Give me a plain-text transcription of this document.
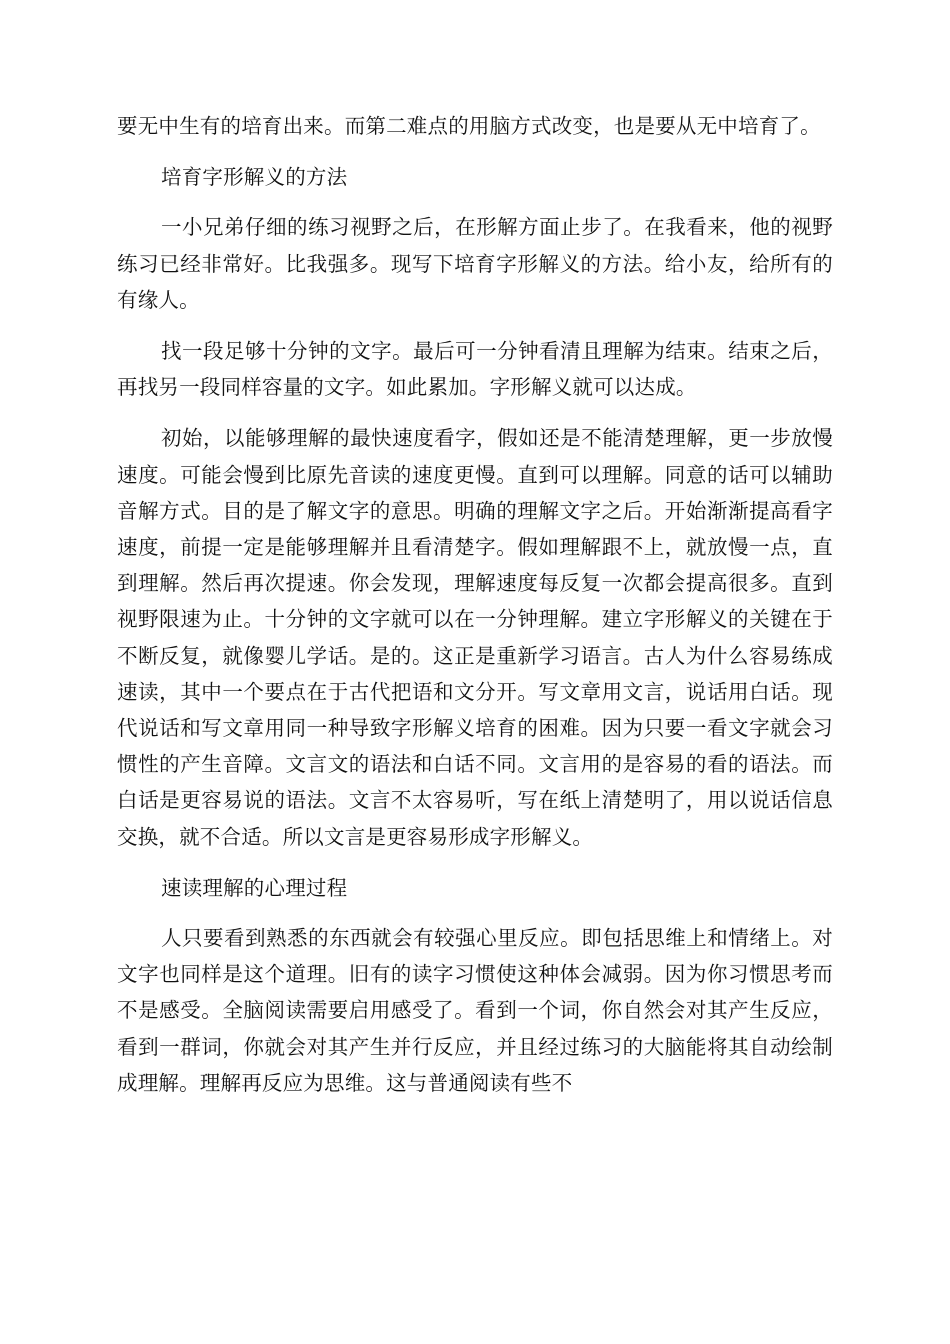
要无中生有的培育出来。而第二难点的用脑方式改变，也是要从无中培育了。

培育字形解义的方法

一小兄弟仔细的练习视野之后，在形解方面止步了。在我看来，他的视野练习已经非常好。比我强多。现写下培育字形解义的方法。给小友，给所有的有缘人。

找一段足够十分钟的文字。最后可一分钟看清且理解为结束。结束之后，再找另一段同样容量的文字。如此累加。字形解义就可以达成。

初始，以能够理解的最快速度看字，假如还是不能清楚理解，更一步放慢速度。可能会慢到比原先音读的速度更慢。直到可以理解。同意的话可以辅助音解方式。目的是了解文字的意思。明确的理解文字之后。开始渐渐提高看字速度，前提一定是能够理解并且看清楚字。假如理解跟不上，就放慢一点，直到理解。然后再次提速。你会发现，理解速度每反复一次都会提高很多。直到视野限速为止。十分钟的文字就可以在一分钟理解。建立字形解义的关键在于不断反复，就像婴儿学话。是的。这正是重新学习语言。古人为什么容易练成速读，其中一个要点在于古代把语和文分开。写文章用文言，说话用白话。现代说话和写文章用同一种导致字形解义培育的困难。因为只要一看文字就会习惯性的产生音障。文言文的语法和白话不同。文言用的是容易的看的语法。而白话是更容易说的语法。文言不太容易听，写在纸上清楚明了，用以说话信息交换，就不合适。所以文言是更容易形成字形解义。

速读理解的心理过程

人只要看到熟悉的东西就会有较强心里反应。即包括思维上和情绪上。对文字也同样是这个道理。旧有的读字习惯使这种体会减弱。因为你习惯思考而不是感受。全脑阅读需要启用感受了。看到一个词，你自然会对其产生反应，看到一群词，你就会对其产生并行反应，并且经过练习的大脑能将其自动绘制成理解。理解再反应为思维。这与普通阅读有些不
